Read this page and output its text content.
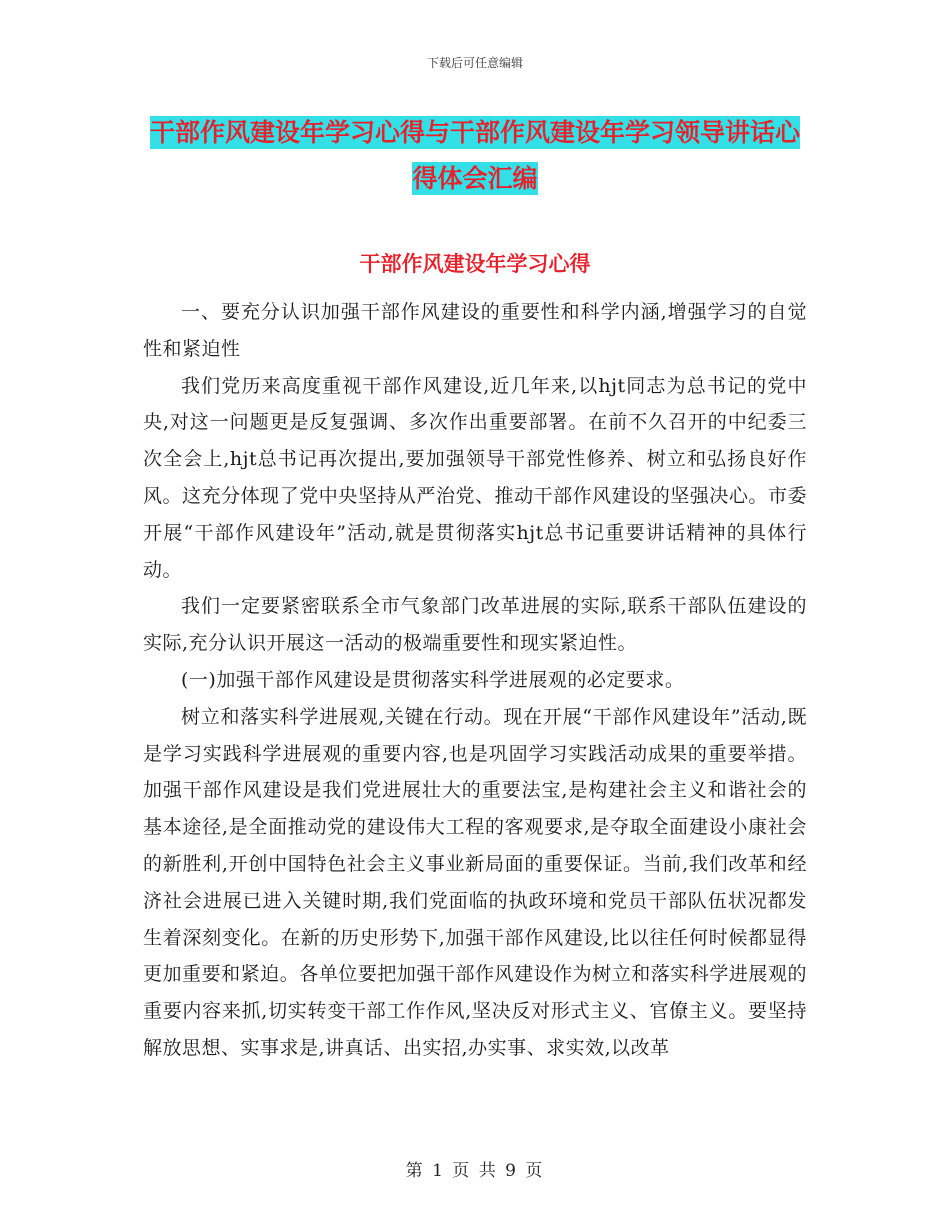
下载后可任意编辑
干部作风建设年学习心得与干部作风建设年学习领导讲话心得体会汇编
干部作风建设年学习心得

一、要充分认识加强干部作风建设的重要性和科学内涵,增强学习的自觉性和紧迫性

我们党历来高度重视干部作风建设,近几年来,以hjt同志为总书记的党中央,对这一问题更是反复强调、多次作出重要部署。在前不久召开的中纪委三次全会上,hjt总书记再次提出,要加强领导干部党性修养、树立和弘扬良好作风。这充分体现了党中央坚持从严治党、推动干部作风建设的坚强决心。市委开展“干部作风建设年”活动,就是贯彻落实hjt总书记重要讲话精神的具体行动。

我们一定要紧密联系全市气象部门改革进展的实际,联系干部队伍建设的实际,充分认识开展这一活动的极端重要性和现实紧迫性。

(一)加强干部作风建设是贯彻落实科学进展观的必定要求。

树立和落实科学进展观,关键在行动。现在开展“干部作风建设年”活动,既是学习实践科学进展观的重要内容,也是巩固学习实践活动成果的重要举措。加强干部作风建设是我们党进展壮大的重要法宝,是构建社会主义和谐社会的基本途径,是全面推动党的建设伟大工程的客观要求,是夺取全面建设小康社会的新胜利,开创中国特色社会主义事业新局面的重要保证。当前,我们改革和经济社会进展已进入关键时期,我们党面临的执政环境和党员干部队伍状况都发生着深刻变化。在新的历史形势下,加强干部作风建设,比以往任何时候都显得更加重要和紧迫。各单位要把加强干部作风建设作为树立和落实科学进展观的重要内容来抓,切实转变干部工作作风,坚决反对形式主义、官僚主义。要坚持解放思想、实事求是,讲真话、出实招,办实事、求实效,以改革

第 1 页 共 9 页
